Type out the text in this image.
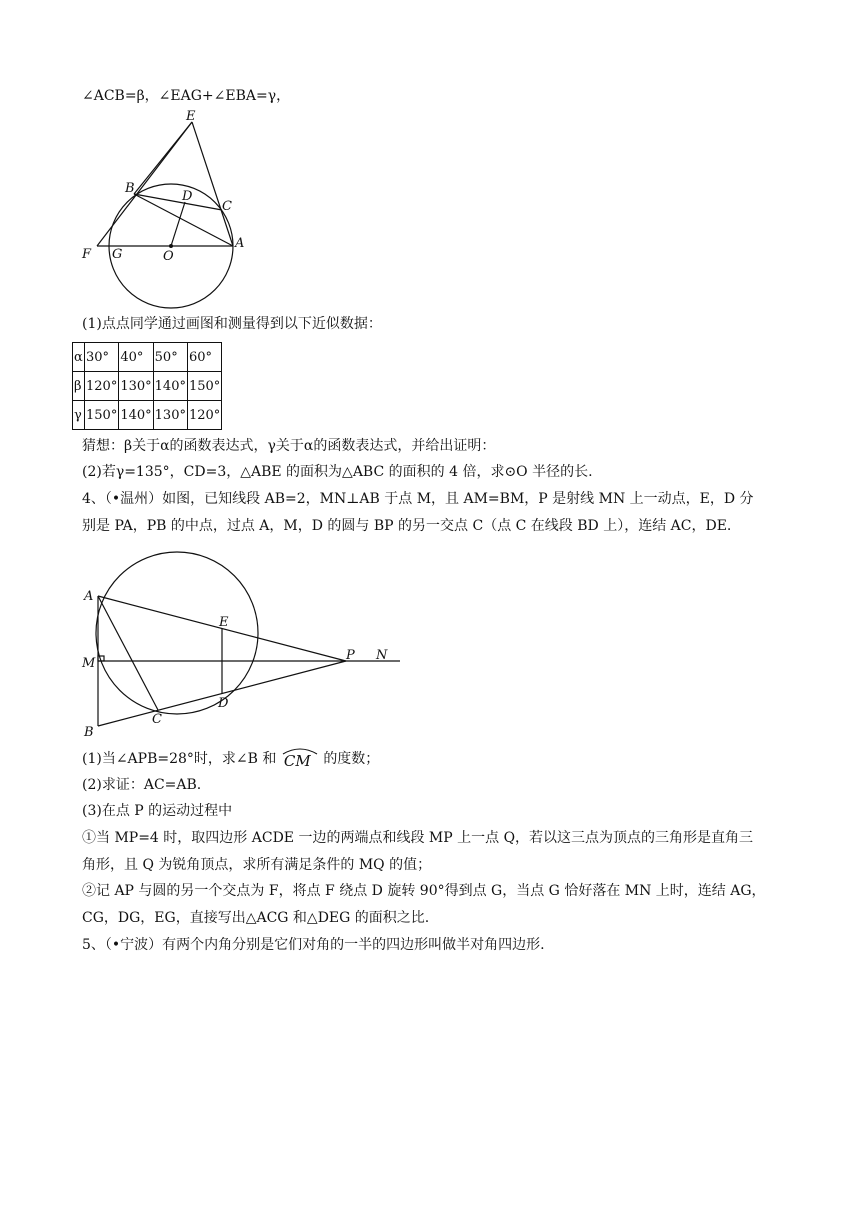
∠ACB=β，∠EAG+∠EBA=γ，
E
B
D
C
F G	O
A
(1)点点同学通过画图和测量得到以下近似数据：
α	30°	40°	50°	60°
β	120°	130°	140°	150°
γ	150°	140°	130°	120°
猜想：β关于α的函数表达式，γ关于α的函数表达式，并给出证明：
(2)若γ=135°，CD=3，△ABE 的面积为△ABC 的面积的 4 倍，求⊙O 半径的长.
4、（•温州）如图，已知线段 AB=2，MN⊥AB 于点 M，且 AM=BM，P 是射线 MN 上一动点，E，D 分
别是 PA，PB 的中点，过点 A，M，D 的圆与 BP 的另一交点 C（点 C 在线段 BD 上），连结 AC，DE.
A
E
M
P N
B
C
D
(1)当∠APB=28°时，求∠B 和 CM 的度数；
(2)求证：AC=AB.
(3)在点 P 的运动过程中
①当 MP=4 时，取四边形 ACDE 一边的两端点和线段 MP 上一点 Q，若以这三点为顶点的三角形是直角三
角形，且 Q 为锐角顶点，求所有满足条件的 MQ 的值；
②记 AP 与圆的另一个交点为 F，将点 F 绕点 D 旋转 90°得到点 G，当点 G 恰好落在 MN 上时，连结 AG，
CG，DG，EG，直接写出△ACG 和△DEG 的面积之比.
5、（•宁波）有两个内角分别是它们对角的一半的四边形叫做半对角四边形.
